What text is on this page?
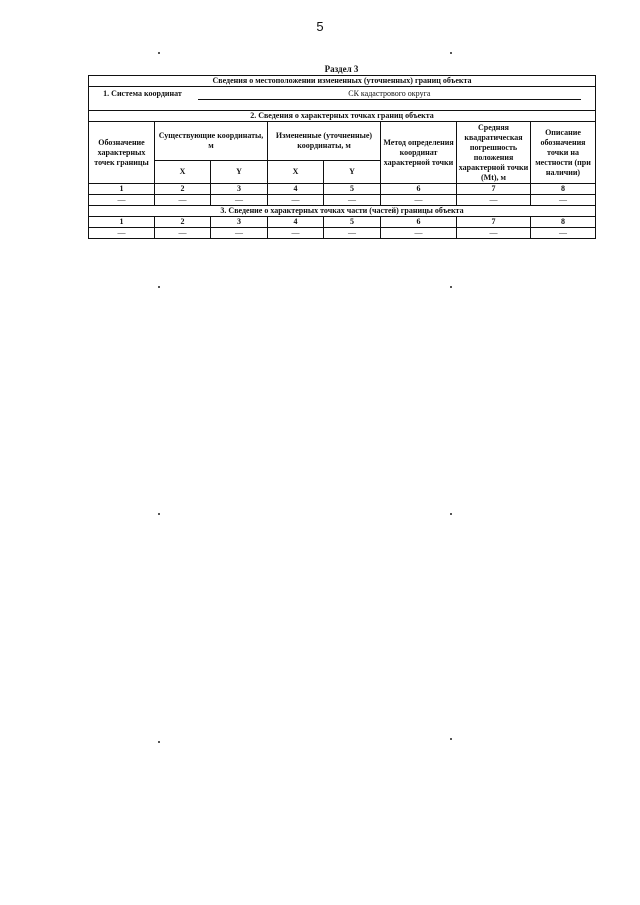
5
Раздел 3
Сведения о местоположении измененных (уточненных) границ объекта							
1. Система координат СК кадастрового округа							
2. Сведения о характерных точках границ объекта							
Обозначение характерных точек границы	Существующие координаты, м		Измененные (уточненные) координаты, м		Метод определения координат характерной точки	Средняя квадратическая погрешность положения характерной точки (Mt), м	Описание обозначения точки на местности (при наличии)
	X	Y	X	Y			
1	2	3	4	5	6	7	8
—	—	—	—	—	—	—	—
3. Сведение о характерных точках части (частей) границы объекта							
1	2	3	4	5	6	7	8
—	—	—	—	—	—	—	—
